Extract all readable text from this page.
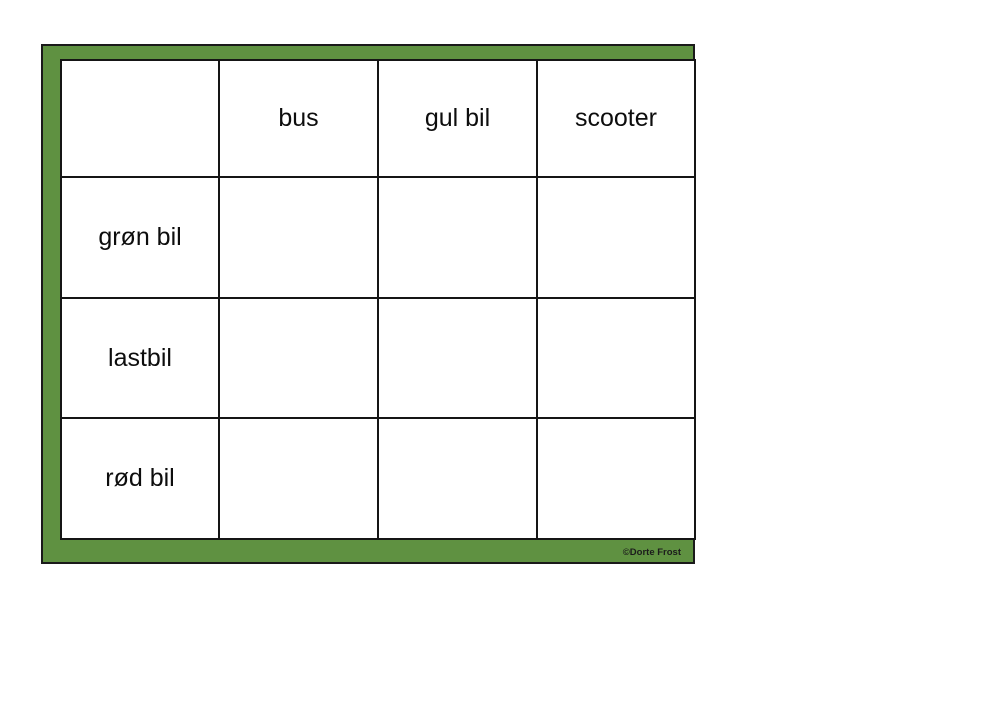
	bus	gul bil	scooter
grøn bil			
lastbil			
rød bil			
©Dorte Frost
